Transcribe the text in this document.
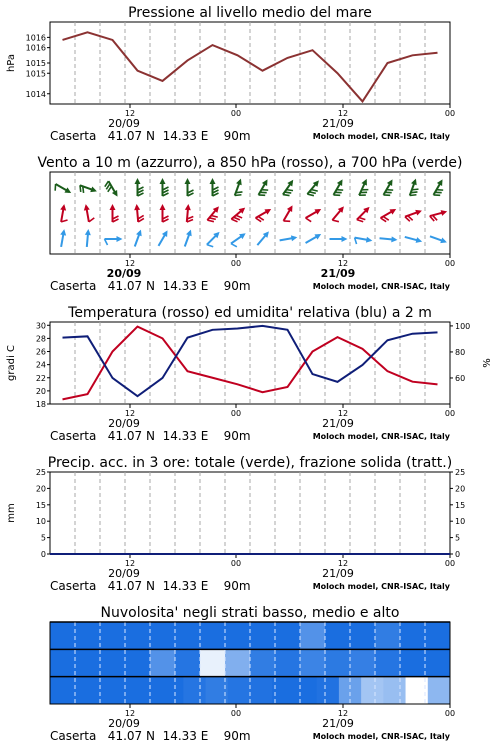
Pressione al livello medio del mare
12	00	12	00
1014
1015
1015
1016
1016
hPa
20/09	21/09
Caserta   41.07 N  14.33 E    90m	Moloch model, CNR-ISAC, Italy
Vento a 10 m (azzurro), a 850 hPa (rosso), a 700 hPa (verde)
12	00	12	00
20/09	21/09
Caserta   41.07 N  14.33 E    90m	Moloch model, CNR-ISAC, Italy
Temperatura (rosso) ed umidita' relativa (blu) a 2 m
12	00	12	00
18
20
22
24
26
28
30
60
80
100
gradi C	%
20/09	21/09
Caserta   41.07 N  14.33 E    90m	Moloch model, CNR-ISAC, Italy
Precip. acc. in 3 ore: totale (verde), frazione solida (tratt.)
12	00	12	00
0	0
5	5
10	10
15	15
20	20
25	25
mm
20/09	21/09
Caserta   41.07 N  14.33 E    90m	Moloch model, CNR-ISAC, Italy
Nuvolosita' negli strati basso, medio e alto
12	00	12	00
20/09	21/09
Caserta   41.07 N  14.33 E    90m	Moloch model, CNR-ISAC, Italy
